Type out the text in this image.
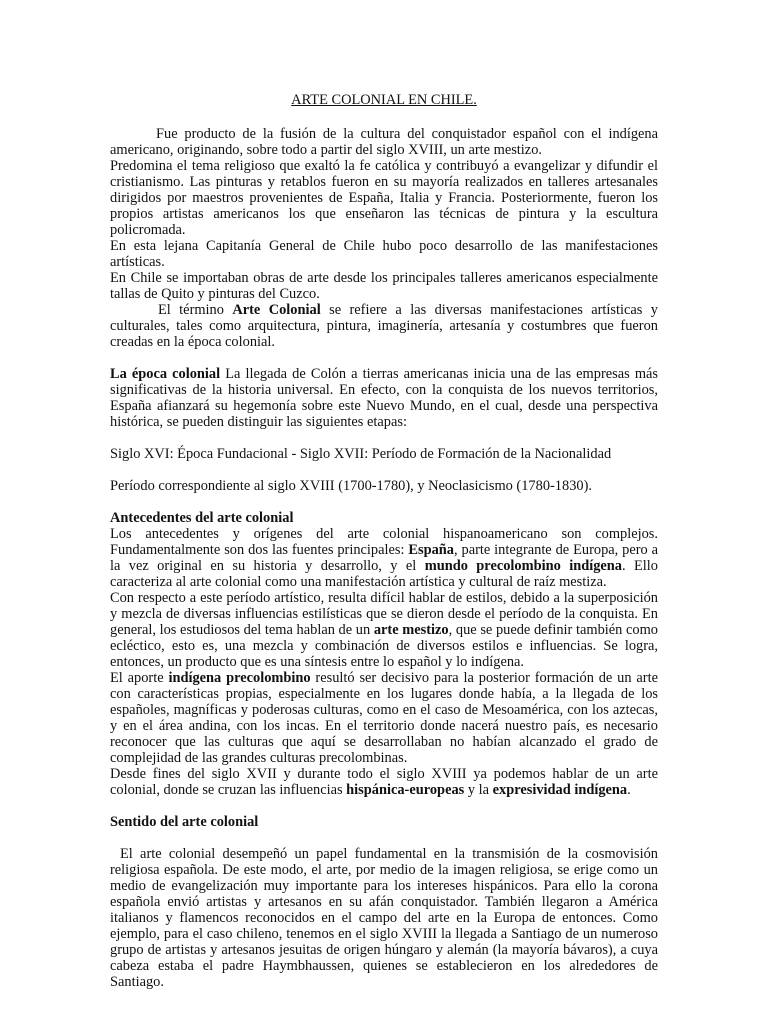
ARTE COLONIAL EN CHILE.

Fue producto de la fusión de la cultura del conquistador español con el indígena americano, originando, sobre todo a partir del siglo XVIII, un arte mestizo.

Predomina el tema religioso que exaltó la fe católica y contribuyó a evangelizar y difundir el cristianismo. Las pinturas y retablos fueron en su mayoría realizados en talleres artesanales dirigidos por maestros provenientes de España, Italia y Francia. Posteriormente, fueron los propios artistas americanos los que enseñaron las técnicas de pintura y la escultura policromada.

En esta lejana Capitanía General de Chile hubo poco desarrollo de las manifestaciones artísticas.

En Chile se importaban obras de arte desde los principales talleres americanos especialmente tallas de Quito y pinturas del Cuzco.

El término Arte Colonial se refiere a las diversas manifestaciones artísticas y culturales, tales como arquitectura, pintura, imaginería, artesanía y costumbres que fueron creadas en la época colonial.

La época colonial La llegada de Colón a tierras americanas inicia una de las empresas más significativas de la historia universal. En efecto, con la conquista de los nuevos territorios, España afianzará su hegemonía sobre este Nuevo Mundo, en el cual, desde una perspectiva histórica, se pueden distinguir las siguientes etapas:

Siglo XVI: Época Fundacional - Siglo XVII: Período de Formación de la Nacionalidad

Período correspondiente al siglo XVIII (1700-1780), y Neoclasicismo (1780-1830).

Antecedentes del arte colonial

Los antecedentes y orígenes del arte colonial hispanoamericano son complejos. Fundamentalmente son dos las fuentes principales: España, parte integrante de Europa, pero a la vez original en su historia y desarrollo, y el mundo precolombino indígena. Ello caracteriza al arte colonial como una manifestación artística y cultural de raíz mestiza.

Con respecto a este período artístico, resulta difícil hablar de estilos, debido a la superposición y mezcla de diversas influencias estilísticas que se dieron desde el período de la conquista. En general, los estudiosos del tema hablan de un arte mestizo, que se puede definir también como ecléctico, esto es, una mezcla y combinación de diversos estilos e influencias. Se logra, entonces, un producto que es una síntesis entre lo español y lo indígena.

El aporte indígena precolombino resultó ser decisivo para la posterior formación de un arte con características propias, especialmente en los lugares donde había, a la llegada de los españoles, magníficas y poderosas culturas, como en el caso de Mesoamérica, con los aztecas, y en el área andina, con los incas. En el territorio donde nacerá nuestro país, es necesario reconocer que las culturas que aquí se desarrollaban no habían alcanzado el grado de complejidad de las grandes culturas precolombinas.

Desde fines del siglo XVII y durante todo el siglo XVIII ya podemos hablar de un arte colonial, donde se cruzan las influencias hispánica-europeas y la expresividad indígena.

Sentido del arte colonial

El arte colonial desempeñó un papel fundamental en la transmisión de la cosmovisión religiosa española. De este modo, el arte, por medio de la imagen religiosa, se erige como un medio de evangelización muy importante para los intereses hispánicos. Para ello la corona española envió artistas y artesanos en su afán conquistador. También llegaron a América italianos y flamencos reconocidos en el campo del arte en la Europa de entonces. Como ejemplo, para el caso chileno, tenemos en el siglo XVIII la llegada a Santiago de un numeroso grupo de artistas y artesanos jesuitas de origen húngaro y alemán (la mayoría bávaros), a cuya cabeza estaba el padre Haymbhaussen, quienes se establecieron en los alrededores de Santiago.
